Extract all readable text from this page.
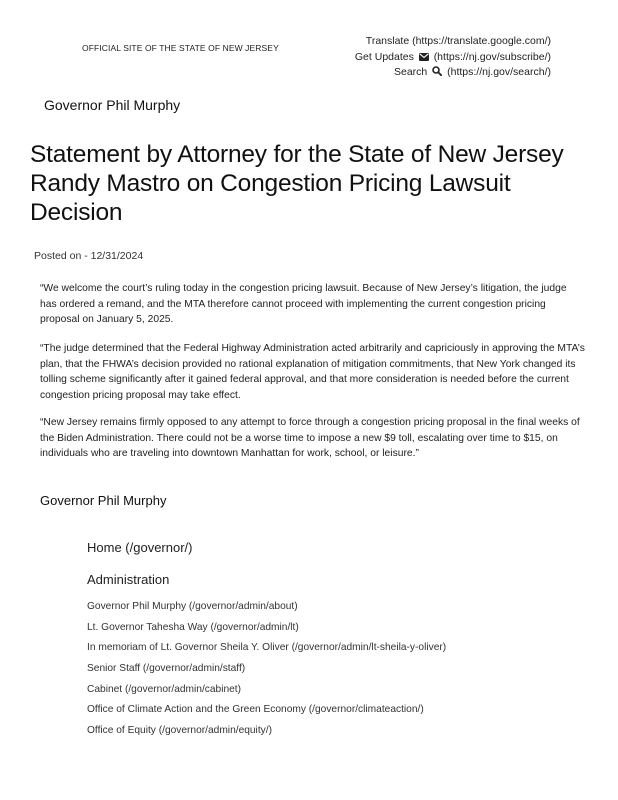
OFFICIAL SITE OF THE STATE OF NEW JERSEY
Translate (https://translate.google.com/)
Get Updates (https://nj.gov/subscribe/)
Search (https://nj.gov/search/)
Governor Phil Murphy
Statement by Attorney for the State of New Jersey Randy Mastro on Congestion Pricing Lawsuit Decision
Posted on - 12/31/2024

“We welcome the court’s ruling today in the congestion pricing lawsuit. Because of New Jersey’s litigation, the judge has ordered a remand, and the MTA therefore cannot proceed with implementing the current congestion pricing proposal on January 5, 2025.

“The judge determined that the Federal Highway Administration acted arbitrarily and capriciously in approving the MTA’s plan, that the FHWA’s decision provided no rational explanation of mitigation commitments, that New York changed its tolling scheme significantly after it gained federal approval, and that more consideration is needed before the current congestion pricing proposal may take effect.

“New Jersey remains firmly opposed to any attempt to force through a congestion pricing proposal in the final weeks of the Biden Administration. There could not be a worse time to impose a new $9 toll, escalating over time to $15, on individuals who are traveling into downtown Manhattan for work, school, or leisure.”

Governor Phil Murphy
Home (/governor/)
Administration
Governor Phil Murphy (/governor/admin/about)
Lt. Governor Tahesha Way (/governor/admin/lt)
In memoriam of Lt. Governor Sheila Y. Oliver (/governor/admin/lt-sheila-y-oliver)
Senior Staff (/governor/admin/staff)
Cabinet (/governor/admin/cabinet)
Office of Climate Action and the Green Economy (/governor/climateaction/)
Office of Equity (/governor/admin/equity/)
